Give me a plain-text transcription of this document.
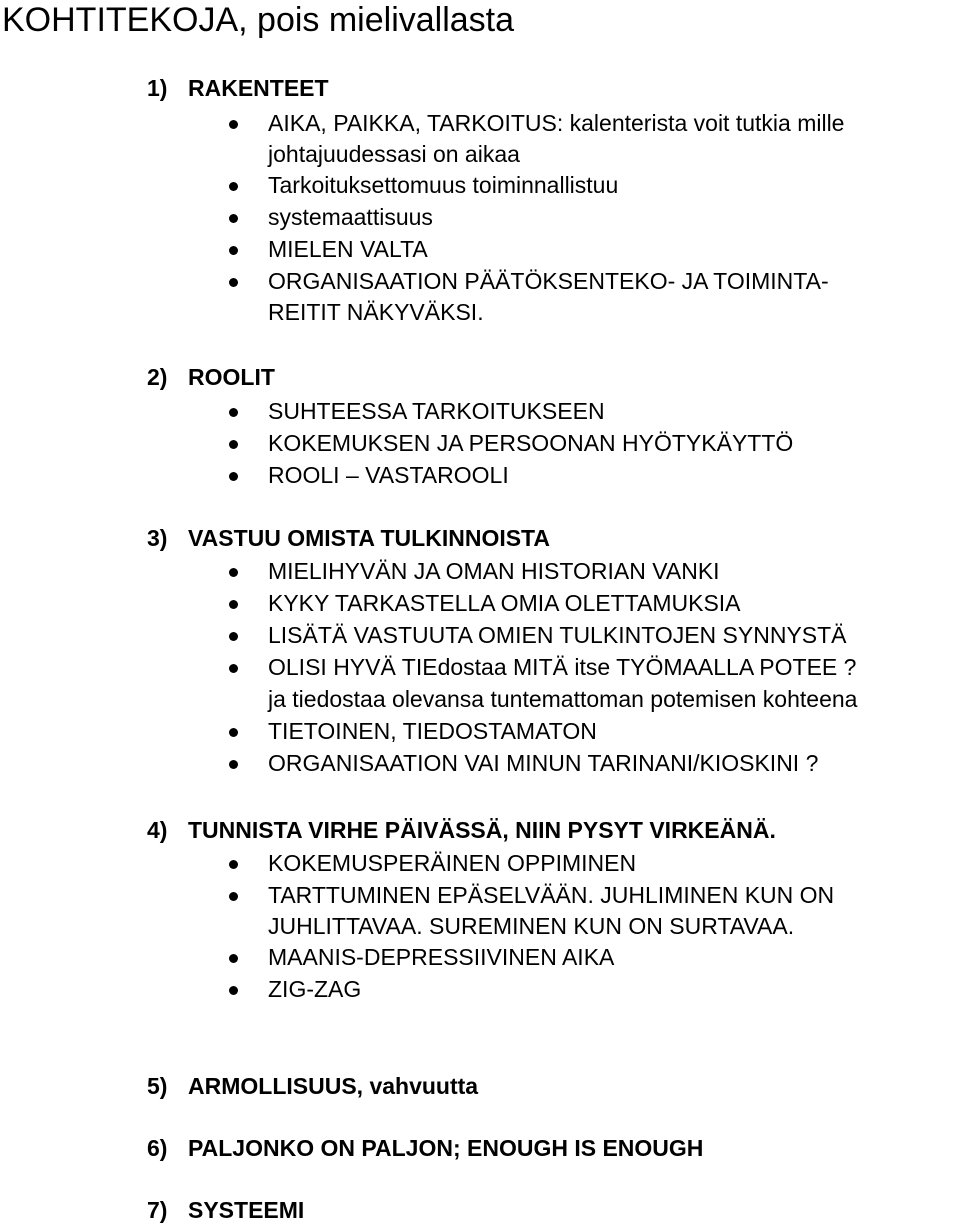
KOHTITEKOJA, pois mielivallasta
1) RAKENTEET
AIKA, PAIKKA, TARKOITUS: kalenterista voit tutkia mille
johtajuudessasi on aikaa
Tarkoituksettomuus toiminnallistuu
systemaattisuus
MIELEN VALTA
ORGANISAATION PÄÄTÖKSENTEKO- JA TOIMINTA-
REITIT NÄKYVÄKSI.
2) ROOLIT
SUHTEESSA TARKOITUKSEEN
KOKEMUKSEN JA PERSOONAN HYÖTYKÄYTTÖ
ROOLI – VASTAROOLI
3) VASTUU OMISTA TULKINNOISTA
MIELIHYVÄN JA OMAN HISTORIAN VANKI
KYKY TARKASTELLA OMIA OLETTAMUKSIA
LISÄTÄ VASTUUTA OMIEN TULKINTOJEN SYNNYSTÄ
OLISI HYVÄ TIEdostaa MITÄ itse TYÖMAALLA POTEE ?
ja tiedostaa olevansa tuntemattoman potemisen kohteena
TIETOINEN, TIEDOSTAMATON
ORGANISAATION VAI MINUN TARINANI/KIOSKINI ?
4) TUNNISTA VIRHE PÄIVÄSSÄ, NIIN PYSYT VIRKEÄNÄ.
KOKEMUSPERÄINEN OPPIMINEN
TARTTUMINEN EPÄSELVÄÄN. JUHLIMINEN KUN ON
JUHLITTAVAA. SUREMINEN KUN ON SURTAVAA.
MAANIS-DEPRESSIIVINEN AIKA
ZIG-ZAG
5) ARMOLLISUUS, vahvuutta
6) PALJONKO ON PALJON; ENOUGH IS ENOUGH
7) SYSTEEMI
